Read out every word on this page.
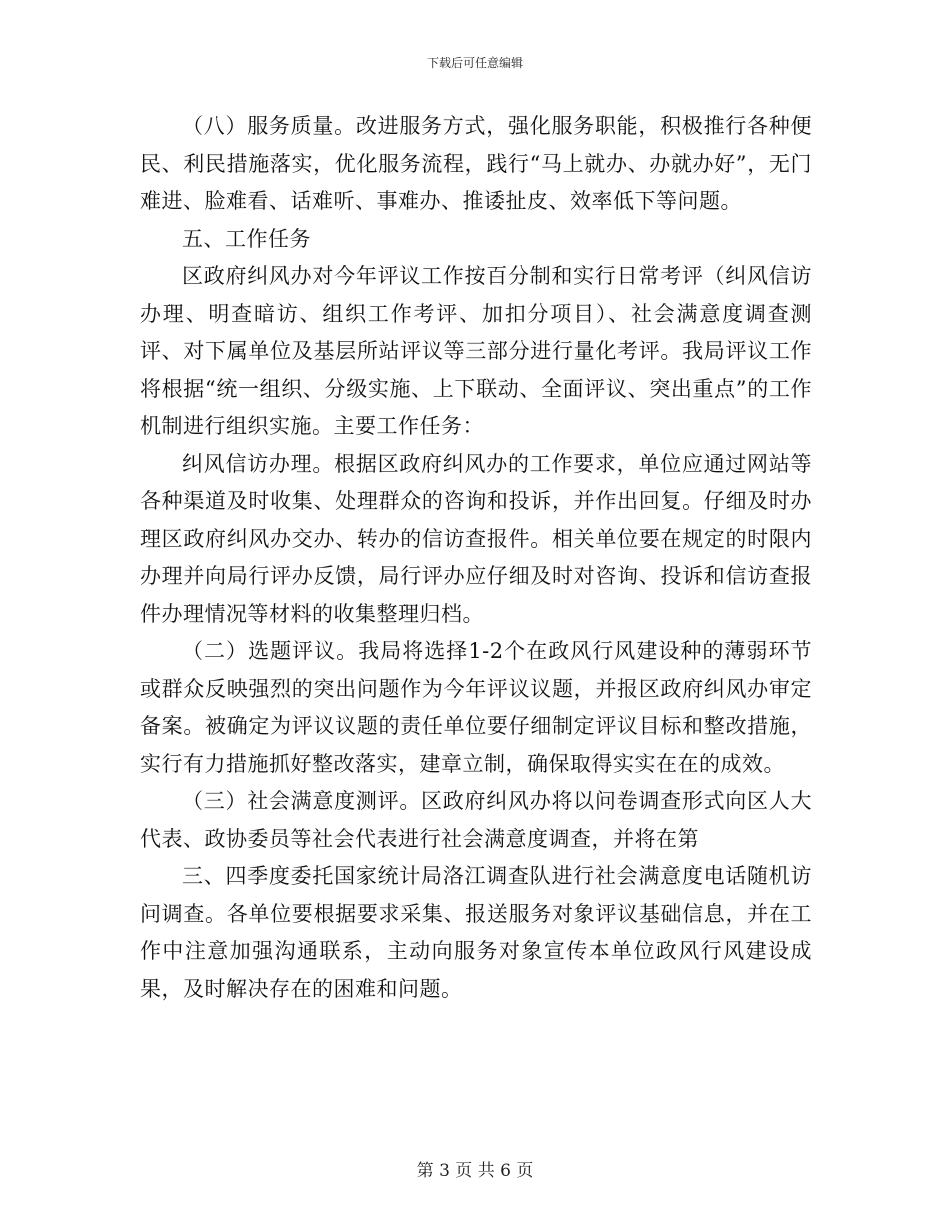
下载后可任意编辑

（八）服务质量。改进服务方式，强化服务职能，积极推行各种便民、利民措施落实，优化服务流程，践行“马上就办、办就办好”，无门难进、脸难看、话难听、事难办、推诿扯皮、效率低下等问题。

五、工作任务

区政府纠风办对今年评议工作按百分制和实行日常考评（纠风信访办理、明查暗访、组织工作考评、加扣分项目）、社会满意度调查测评、对下属单位及基层所站评议等三部分进行量化考评。我局评议工作将根据“统一组织、分级实施、上下联动、全面评议、突出重点”的工作机制进行组织实施。主要工作任务：

纠风信访办理。根据区政府纠风办的工作要求，单位应通过网站等各种渠道及时收集、处理群众的咨询和投诉，并作出回复。仔细及时办理区政府纠风办交办、转办的信访查报件。相关单位要在规定的时限内办理并向局行评办反馈，局行评办应仔细及时对咨询、投诉和信访查报件办理情况等材料的收集整理归档。

（二）选题评议。我局将选择1-2个在政风行风建设种的薄弱环节或群众反映强烈的突出问题作为今年评议议题，并报区政府纠风办审定备案。被确定为评议议题的责任单位要仔细制定评议目标和整改措施，实行有力措施抓好整改落实，建章立制，确保取得实实在在的成效。

（三）社会满意度测评。区政府纠风办将以问卷调查形式向区人大代表、政协委员等社会代表进行社会满意度调查，并将在第

三、四季度委托国家统计局洛江调查队进行社会满意度电话随机访问调查。各单位要根据要求采集、报送服务对象评议基础信息，并在工作中注意加强沟通联系，主动向服务对象宣传本单位政风行风建设成果，及时解决存在的困难和问题。

第 3 页 共 6 页
